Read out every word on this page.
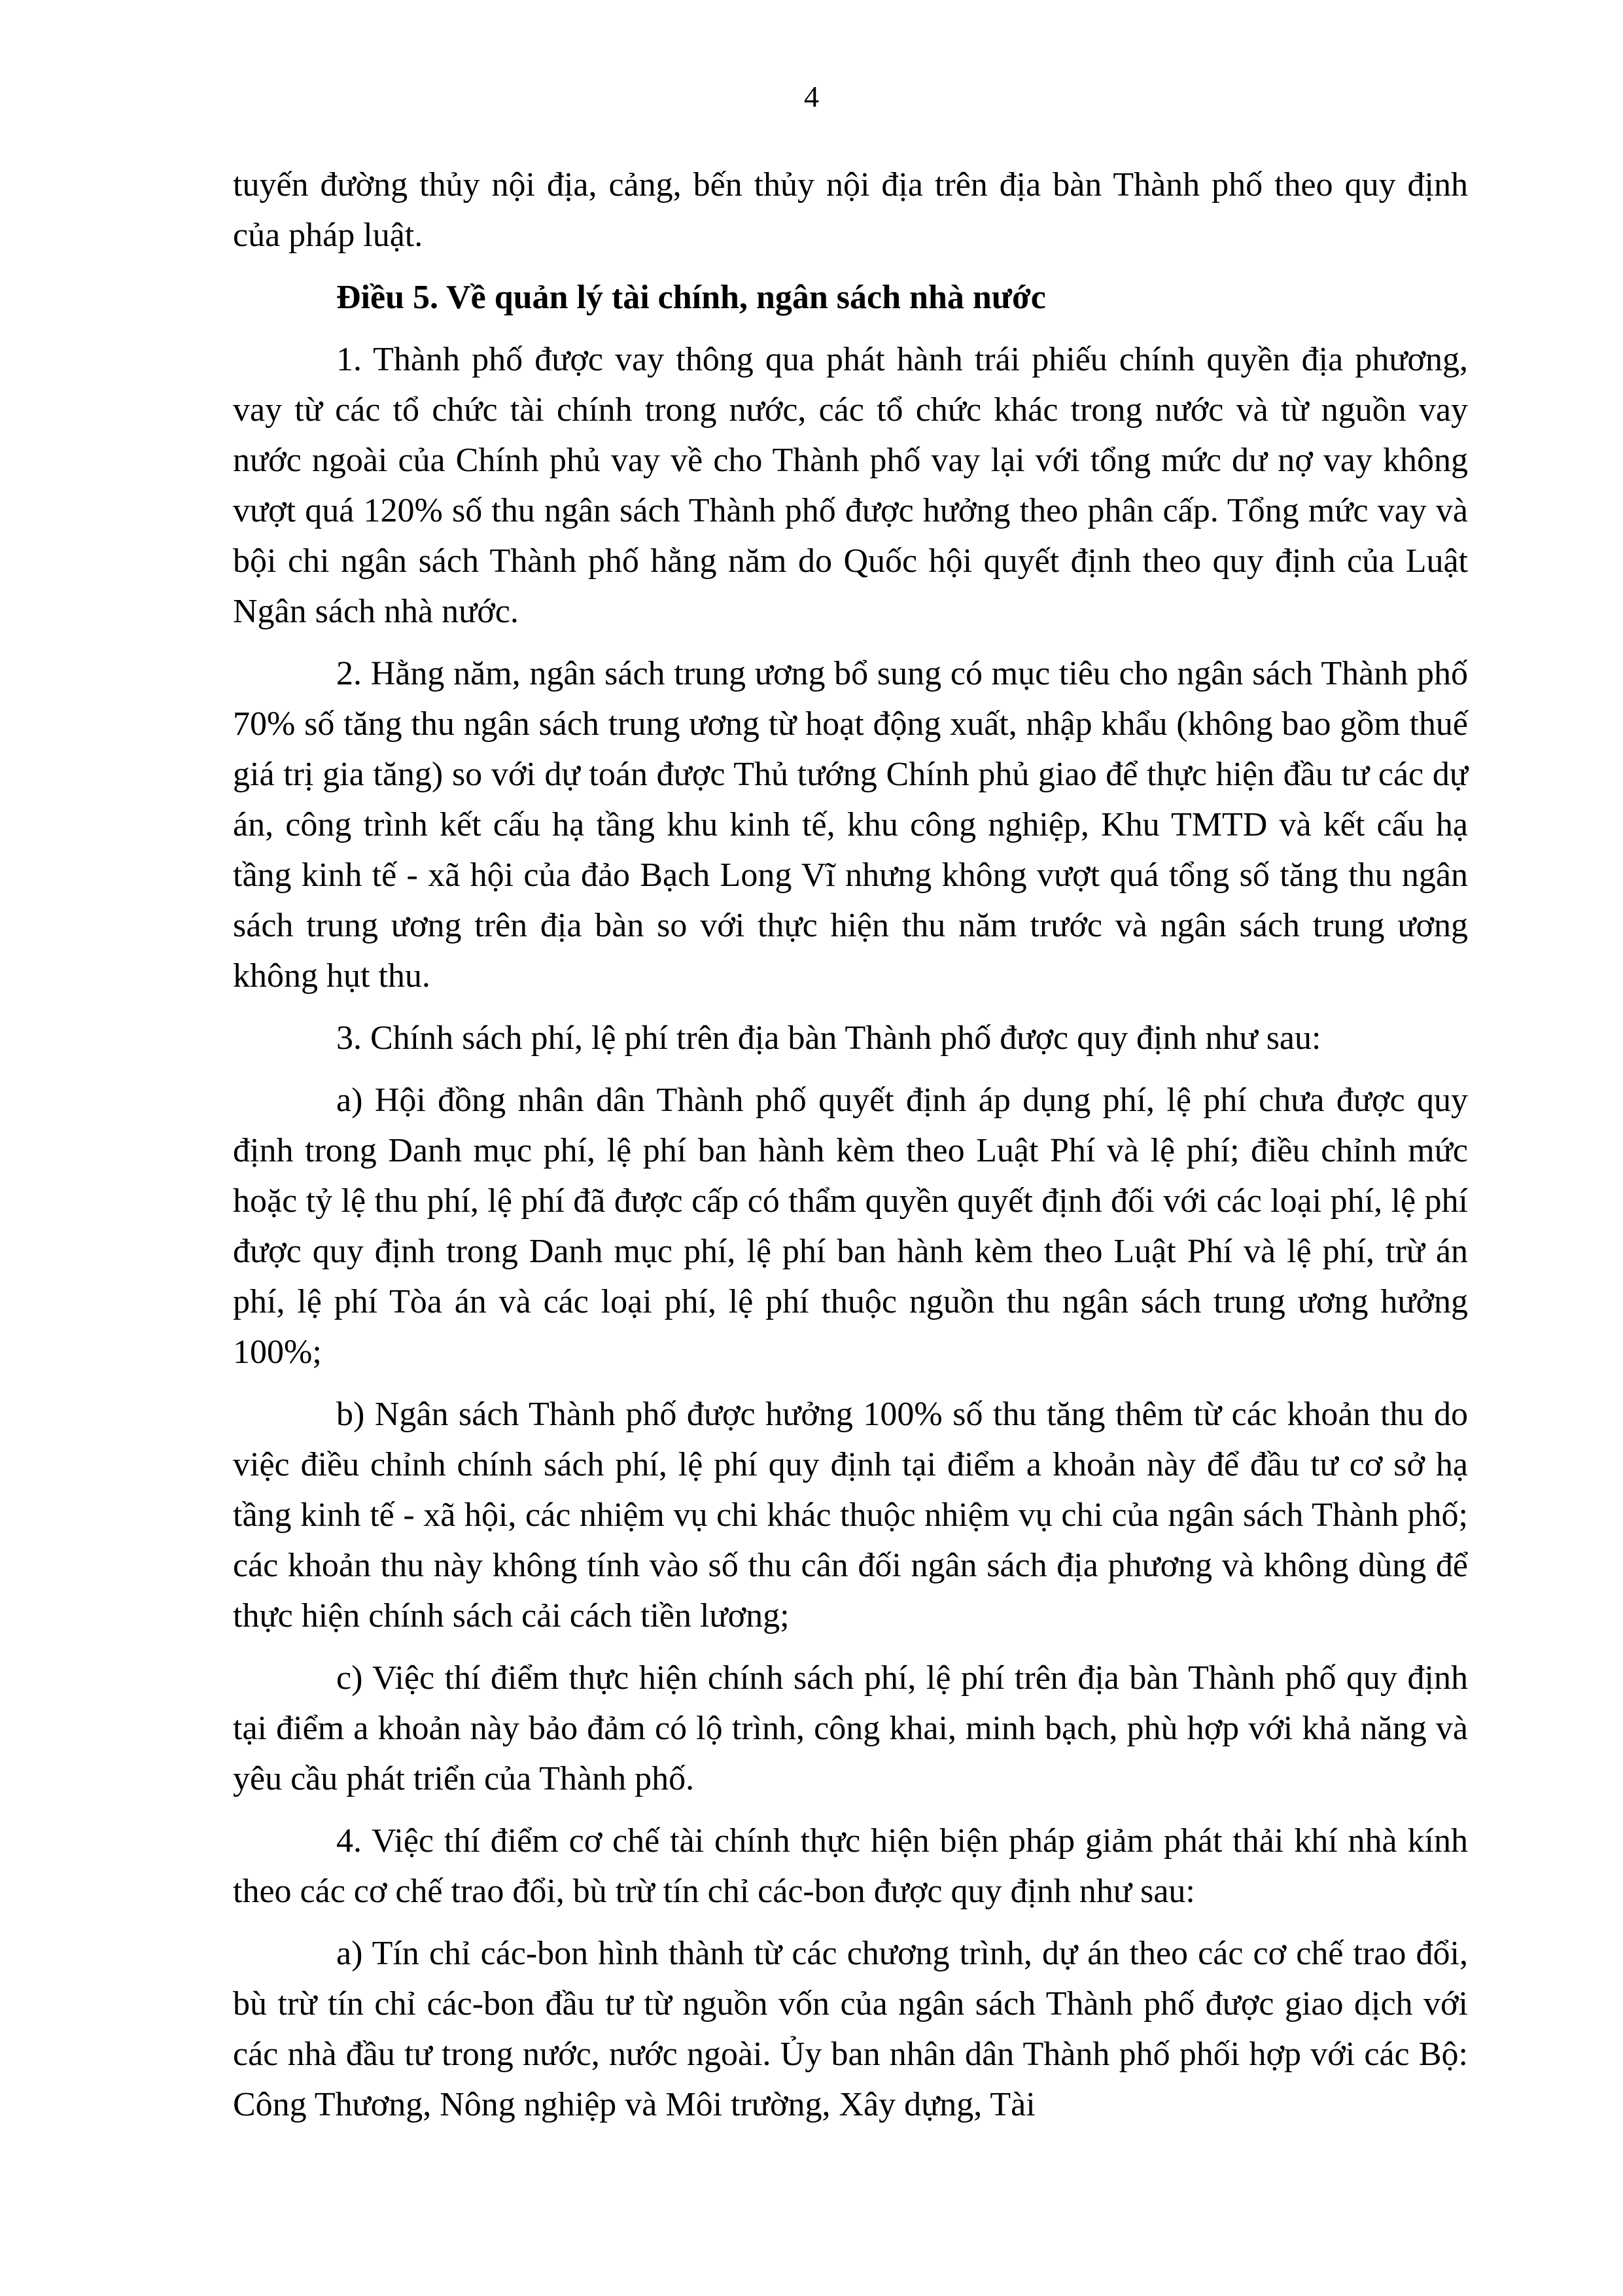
4

tuyến đường thủy nội địa, cảng, bến thủy nội địa trên địa bàn Thành phố theo quy định của pháp luật.

Điều 5. Về quản lý tài chính, ngân sách nhà nước

1. Thành phố được vay thông qua phát hành trái phiếu chính quyền địa phương, vay từ các tổ chức tài chính trong nước, các tổ chức khác trong nước và từ nguồn vay nước ngoài của Chính phủ vay về cho Thành phố vay lại với tổng mức dư nợ vay không vượt quá 120% số thu ngân sách Thành phố được hưởng theo phân cấp. Tổng mức vay và bội chi ngân sách Thành phố hằng năm do Quốc hội quyết định theo quy định của Luật Ngân sách nhà nước.

2. Hằng năm, ngân sách trung ương bổ sung có mục tiêu cho ngân sách Thành phố 70% số tăng thu ngân sách trung ương từ hoạt động xuất, nhập khẩu (không bao gồm thuế giá trị gia tăng) so với dự toán được Thủ tướng Chính phủ giao để thực hiện đầu tư các dự án, công trình kết cấu hạ tầng khu kinh tế, khu công nghiệp, Khu TMTD và kết cấu hạ tầng kinh tế - xã hội của đảo Bạch Long Vĩ nhưng không vượt quá tổng số tăng thu ngân sách trung ương trên địa bàn so với thực hiện thu năm trước và ngân sách trung ương không hụt thu.

3. Chính sách phí, lệ phí trên địa bàn Thành phố được quy định như sau:

a) Hội đồng nhân dân Thành phố quyết định áp dụng phí, lệ phí chưa được quy định trong Danh mục phí, lệ phí ban hành kèm theo Luật Phí và lệ phí; điều chỉnh mức hoặc tỷ lệ thu phí, lệ phí đã được cấp có thẩm quyền quyết định đối với các loại phí, lệ phí được quy định trong Danh mục phí, lệ phí ban hành kèm theo Luật Phí và lệ phí, trừ án phí, lệ phí Tòa án và các loại phí, lệ phí thuộc nguồn thu ngân sách trung ương hưởng 100%;

b) Ngân sách Thành phố được hưởng 100% số thu tăng thêm từ các khoản thu do việc điều chỉnh chính sách phí, lệ phí quy định tại điểm a khoản này để đầu tư cơ sở hạ tầng kinh tế - xã hội, các nhiệm vụ chi khác thuộc nhiệm vụ chi của ngân sách Thành phố; các khoản thu này không tính vào số thu cân đối ngân sách địa phương và không dùng để thực hiện chính sách cải cách tiền lương;

c) Việc thí điểm thực hiện chính sách phí, lệ phí trên địa bàn Thành phố quy định tại điểm a khoản này bảo đảm có lộ trình, công khai, minh bạch, phù hợp với khả năng và yêu cầu phát triển của Thành phố.

4. Việc thí điểm cơ chế tài chính thực hiện biện pháp giảm phát thải khí nhà kính theo các cơ chế trao đổi, bù trừ tín chỉ các-bon được quy định như sau:

a) Tín chỉ các-bon hình thành từ các chương trình, dự án theo các cơ chế trao đổi, bù trừ tín chỉ các-bon đầu tư từ nguồn vốn của ngân sách Thành phố được giao dịch với các nhà đầu tư trong nước, nước ngoài. Ủy ban nhân dân Thành phố phối hợp với các Bộ: Công Thương, Nông nghiệp và Môi trường, Xây dựng, Tài
